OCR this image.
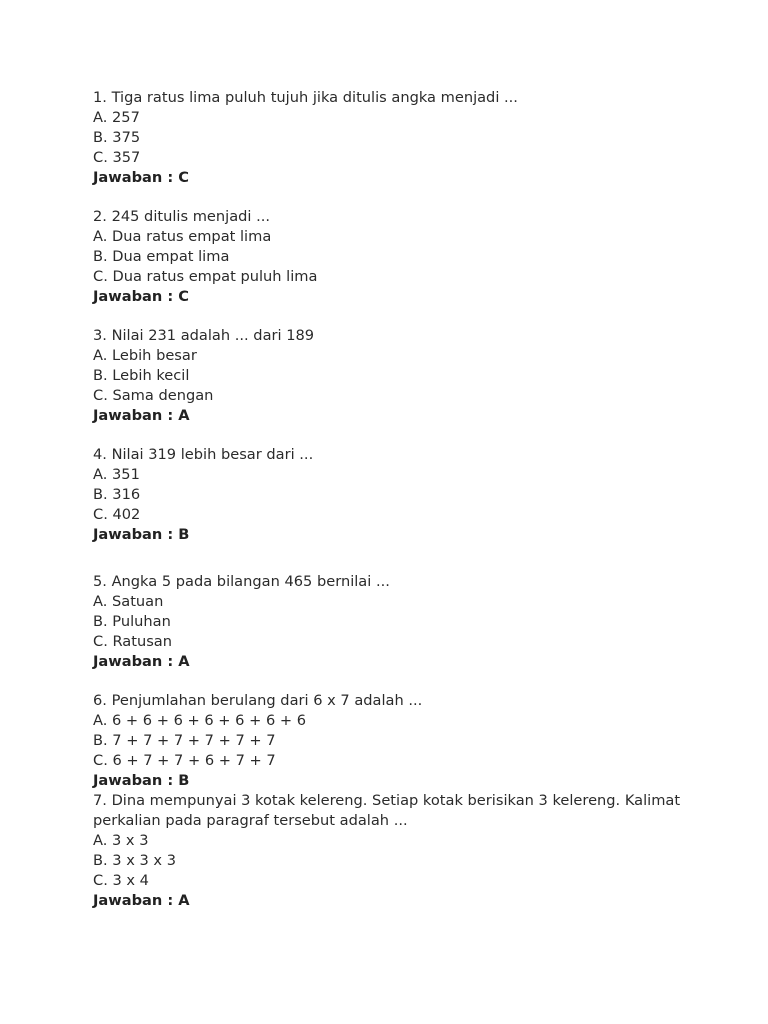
1. Tiga ratus lima puluh tujuh jika ditulis angka menjadi ...
A. 257
B. 375
C. 357
Jawaban : C
2. 245 ditulis menjadi ...
A. Dua ratus empat lima
B. Dua empat lima
C. Dua ratus empat puluh lima
Jawaban : C
3. Nilai 231 adalah ... dari 189
A. Lebih besar
B. Lebih kecil
C. Sama dengan
Jawaban : A
4. Nilai 319 lebih besar dari ...
A. 351
B. 316
C. 402
Jawaban : B
5. Angka 5 pada bilangan 465 bernilai ...
A. Satuan
B. Puluhan
C. Ratusan
Jawaban : A
6. Penjumlahan berulang dari 6 x 7 adalah ...
A. 6 + 6 + 6 + 6 + 6 + 6 + 6
B. 7 + 7 + 7 + 7 + 7 + 7
C. 6 + 7 + 7 + 6 + 7 + 7
Jawaban : B
7. Dina mempunyai 3 kotak kelereng. Setiap kotak berisikan 3 kelereng. Kalimat perkalian pada paragraf tersebut adalah ...
A. 3 x 3
B. 3 x 3 x 3
C. 3 x 4
Jawaban : A
